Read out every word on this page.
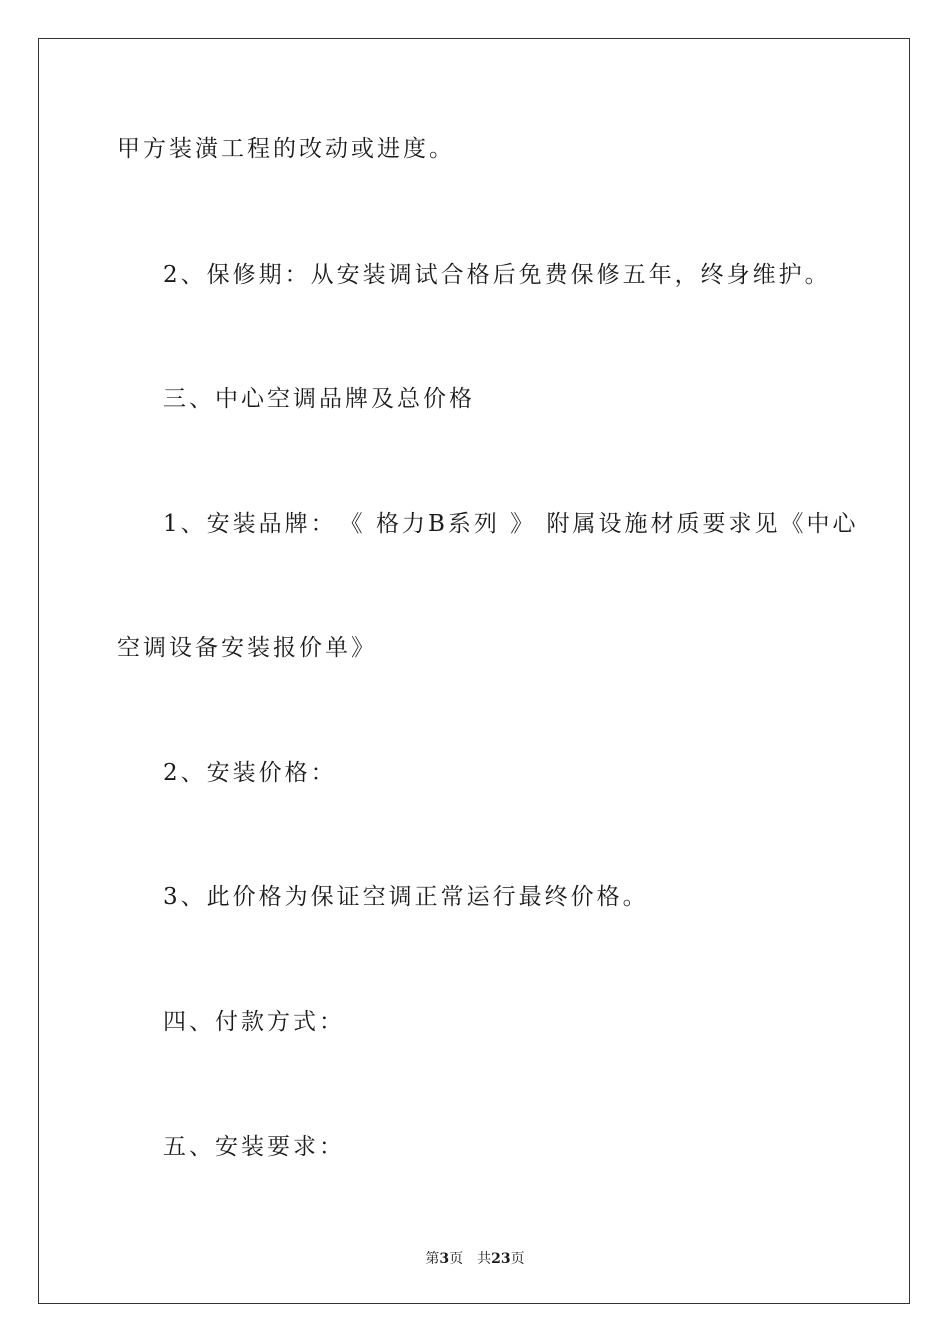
甲方装潢工程的改动或进度。
2、保修期：从安装调试合格后免费保修五年，终身维护。
三、中心空调品牌及总价格
1、安装品牌：　《 格力B系列 》 附属设施材质要求见《中心
空调设备安装报价单》
2、安装价格：
3、此价格为保证空调正常运行最终价格。
四、付款方式：
五、安装要求：
第3页 共23页
